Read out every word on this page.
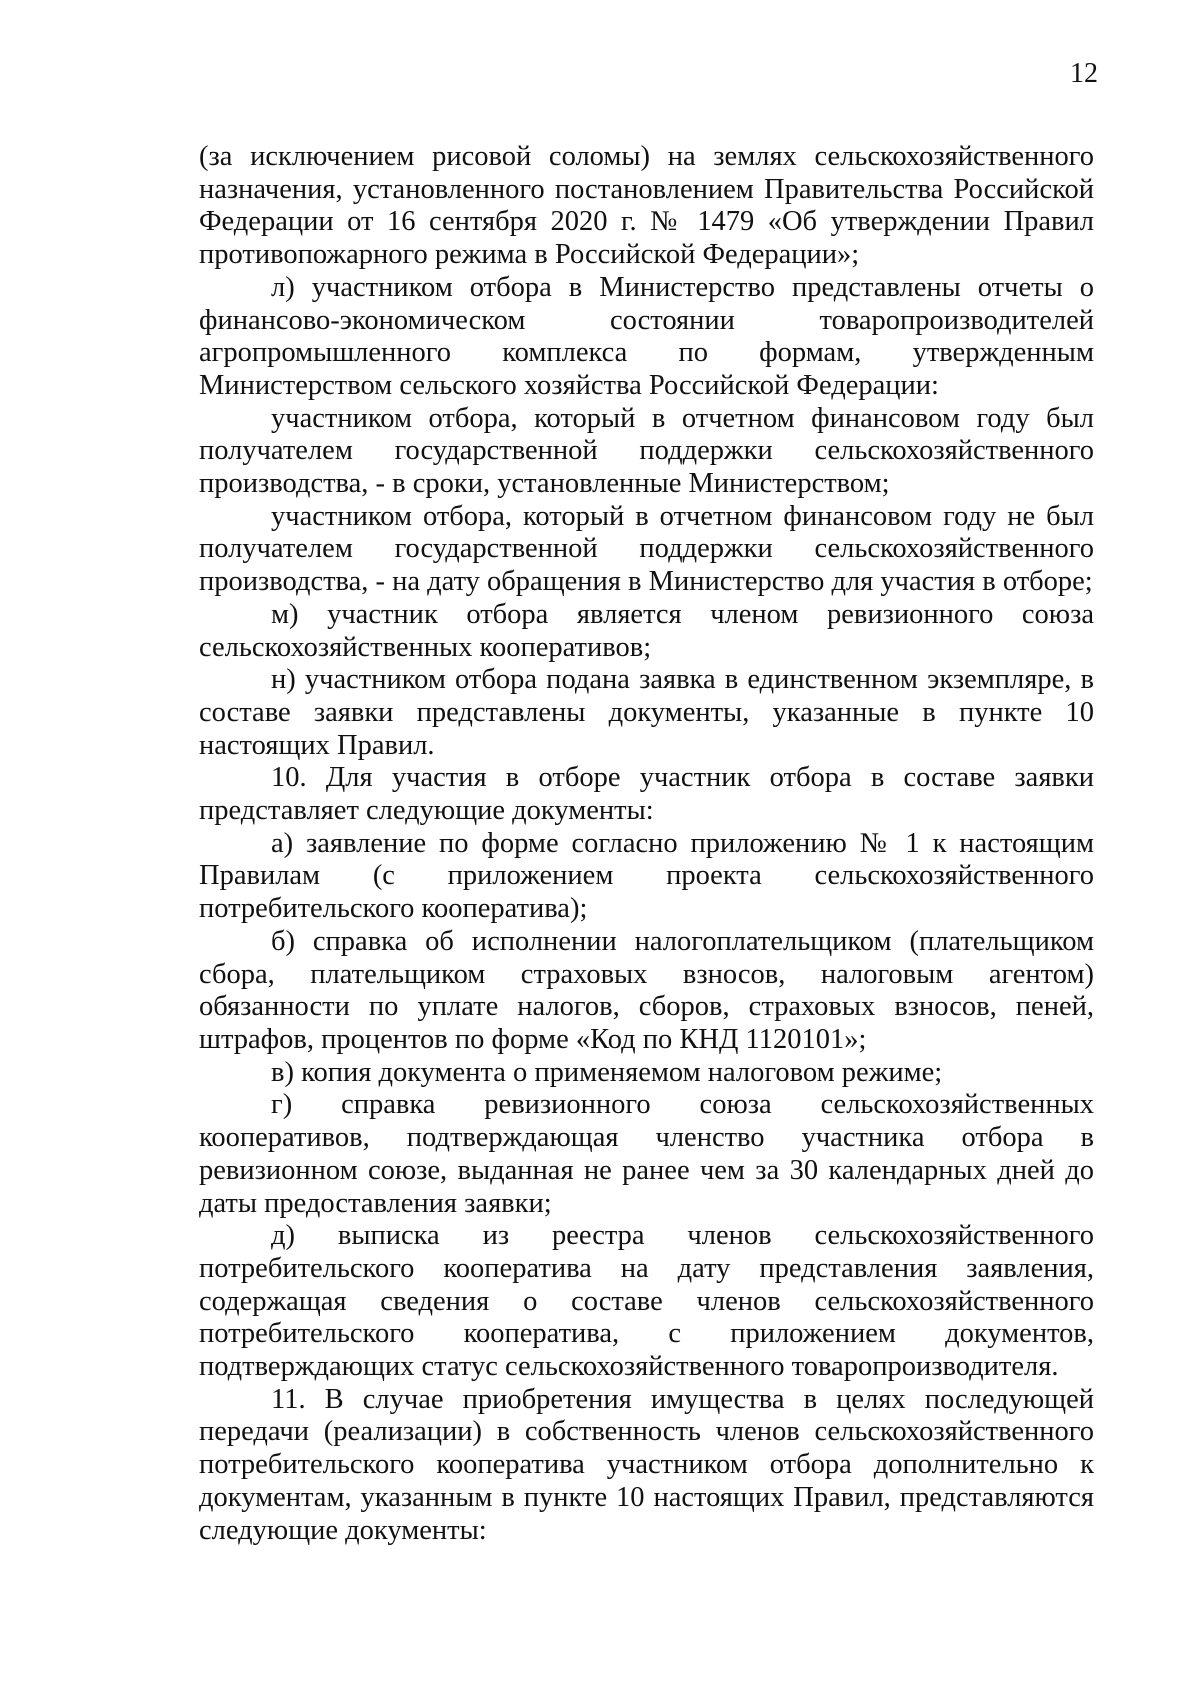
12

(за исключением рисовой соломы) на землях сельскохозяйственного назначения, установленного постановлением Правительства Российской Федерации от 16 сентября 2020 г. № 1479 «Об утверждении Правил противопожарного режима в Российской Федерации»;

л) участником отбора в Министерство представлены отчеты о финансово-экономическом состоянии товаропроизводителей агропромышленного комплекса по формам, утвержденным Министерством сельского хозяйства Российской Федерации:

участником отбора, который в отчетном финансовом году был получателем государственной поддержки сельскохозяйственного производства, - в сроки, установленные Министерством;

участником отбора, который в отчетном финансовом году не был получателем государственной поддержки сельскохозяйственного производства, - на дату обращения в Министерство для участия в отборе;

м) участник отбора является членом ревизионного союза сельскохозяйственных кооперативов;

н) участником отбора подана заявка в единственном экземпляре, в составе заявки представлены документы, указанные в пункте 10 настоящих Правил.

10. Для участия в отборе участник отбора в составе заявки представляет следующие документы:

а) заявление по форме согласно приложению № 1 к настоящим Правилам (с приложением проекта сельскохозяйственного потребительского кооператива);

б) справка об исполнении налогоплательщиком (плательщиком сбора, плательщиком страховых взносов, налоговым агентом) обязанности по уплате налогов, сборов, страховых взносов, пеней, штрафов, процентов по форме «Код по КНД 1120101»;

в) копия документа о применяемом налоговом режиме;

г) справка ревизионного союза сельскохозяйственных кооперативов, подтверждающая членство участника отбора в ревизионном союзе, выданная не ранее чем за 30 календарных дней до даты предоставления заявки;

д) выписка из реестра членов сельскохозяйственного потребительского кооператива на дату представления заявления, содержащая сведения о составе членов сельскохозяйственного потребительского кооператива, с приложением документов, подтверждающих статус сельскохозяйственного товаропроизводителя.

11. В случае приобретения имущества в целях последующей передачи (реализации) в собственность членов сельскохозяйственного потребительского кооператива участником отбора дополнительно к документам, указанным в пункте 10 настоящих Правил, представляются следующие документы:
